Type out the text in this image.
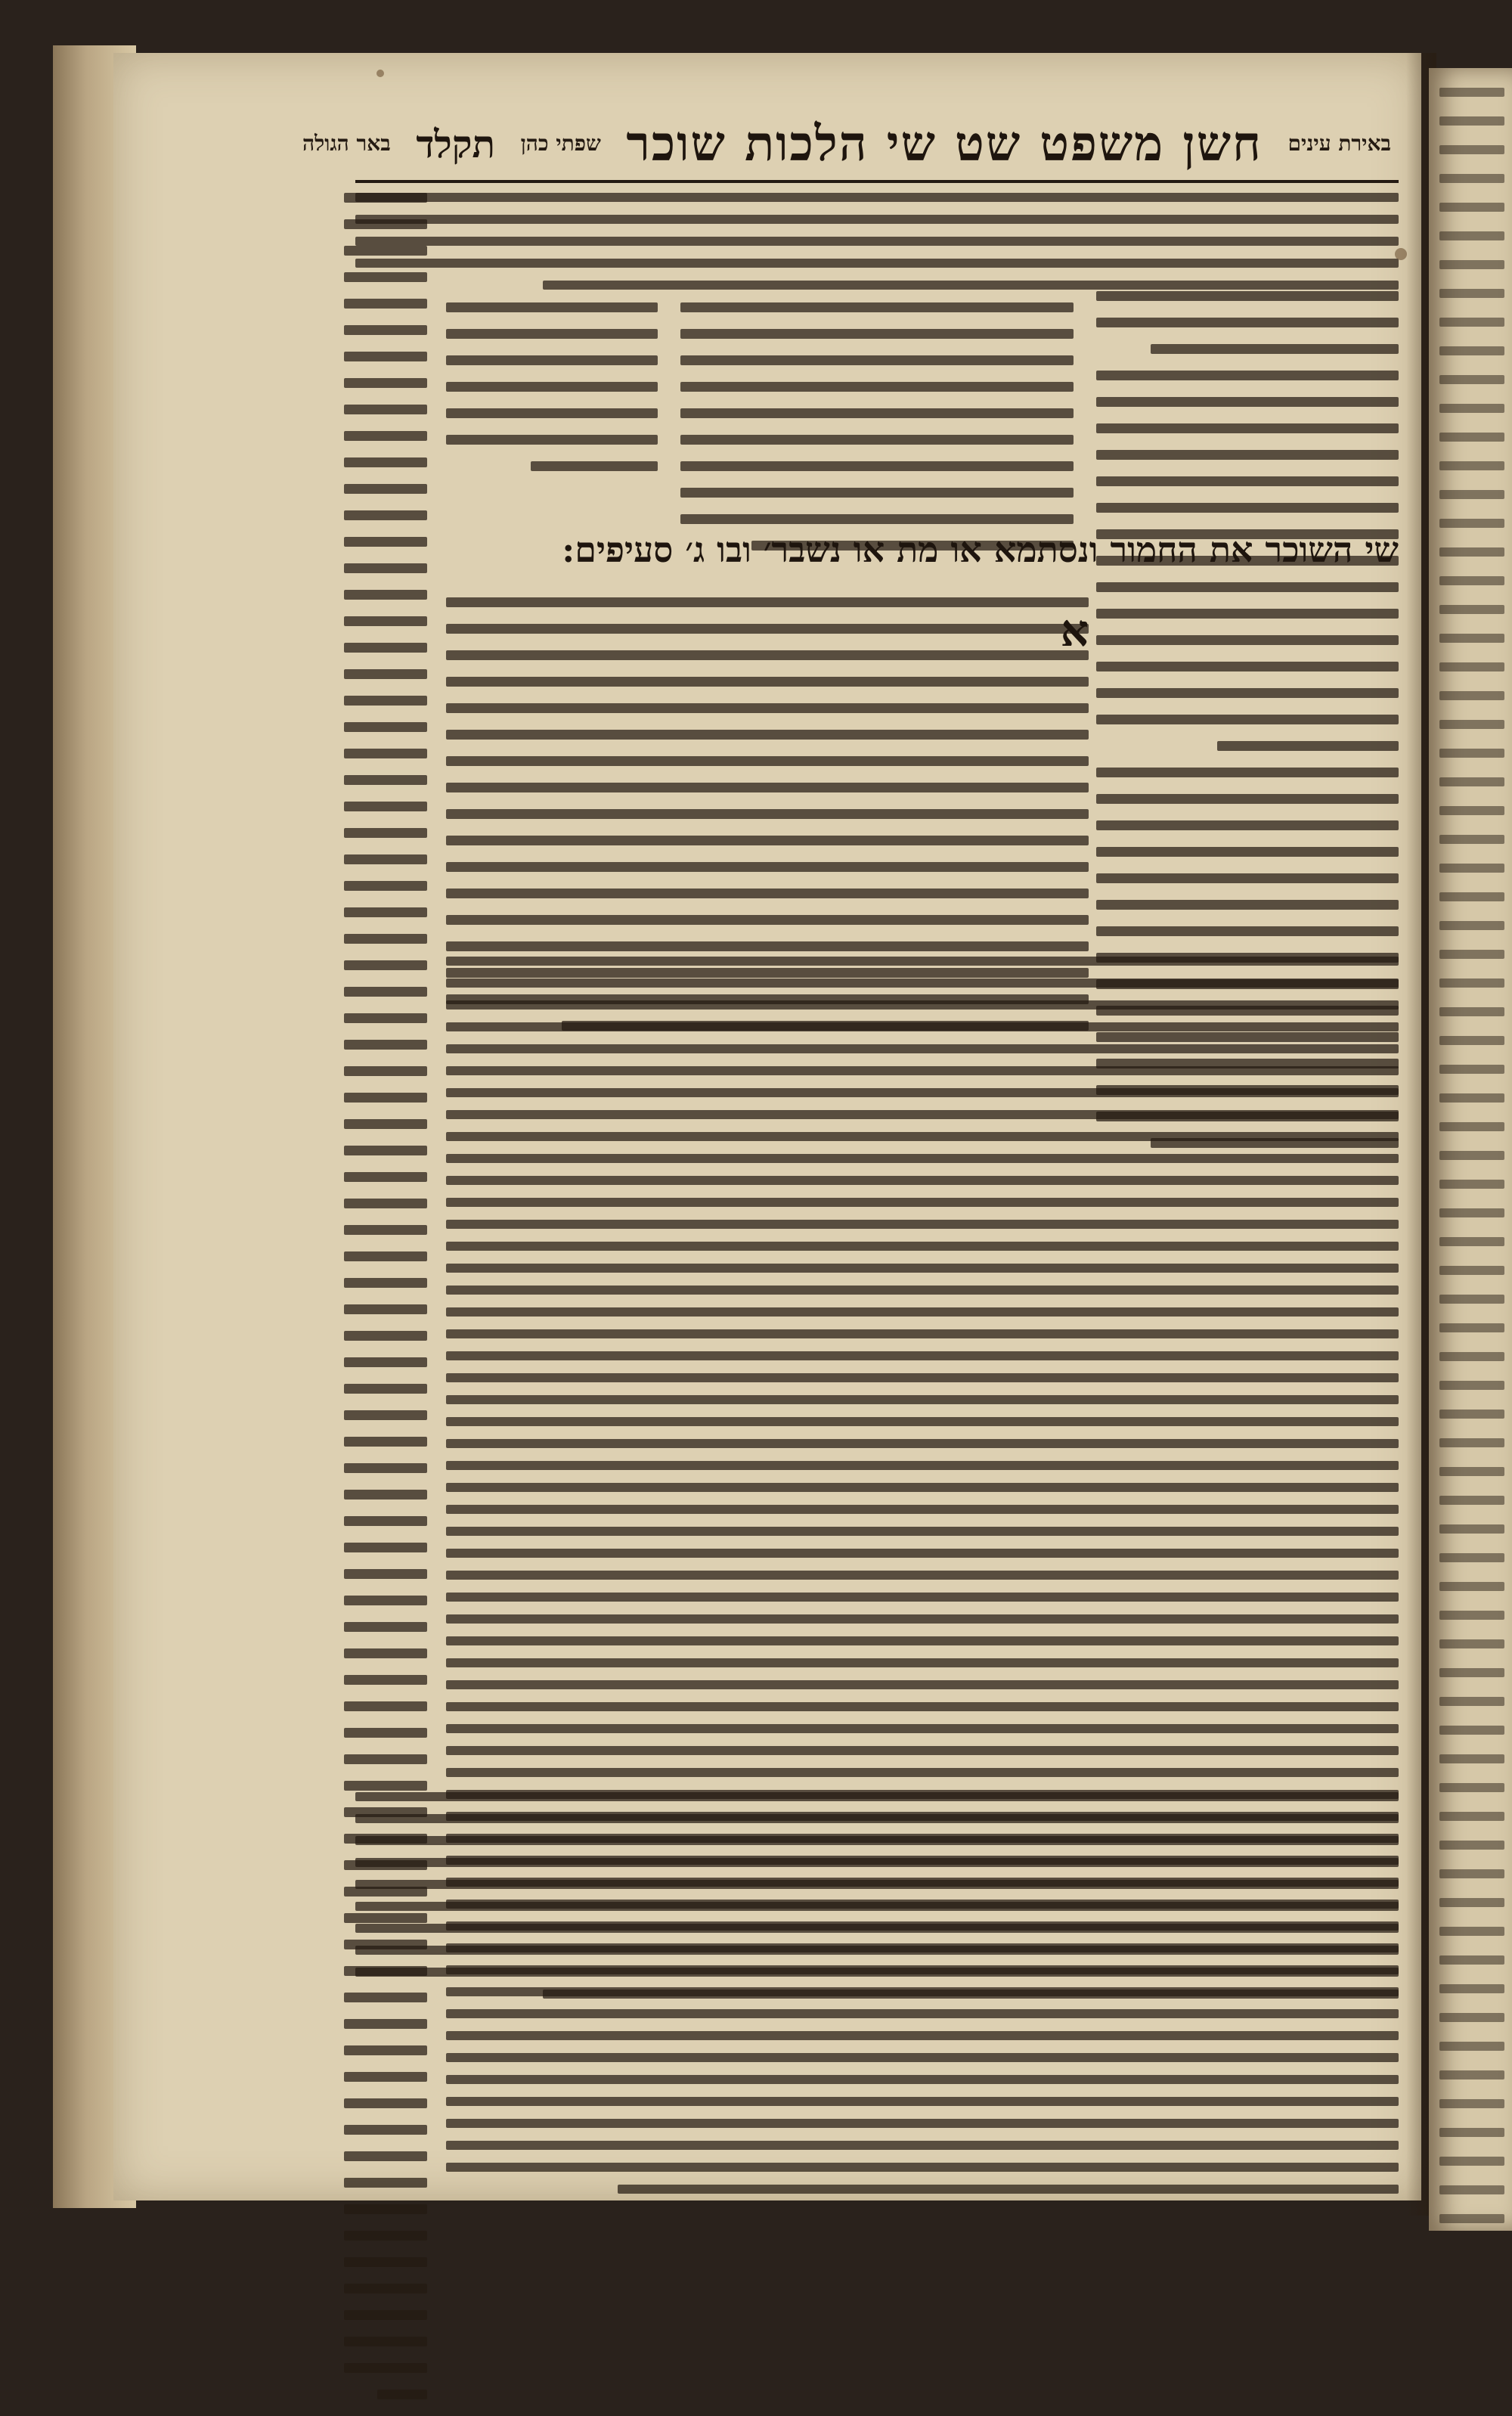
באירת עינים
חשן משפט שט שי הלכות שוכר
שפתי כהן
תקלד
באר הגולה
שי השוכר את החמור ונסתמא או מת או נשבר׳ ובו ג׳ סעיפים:
א
